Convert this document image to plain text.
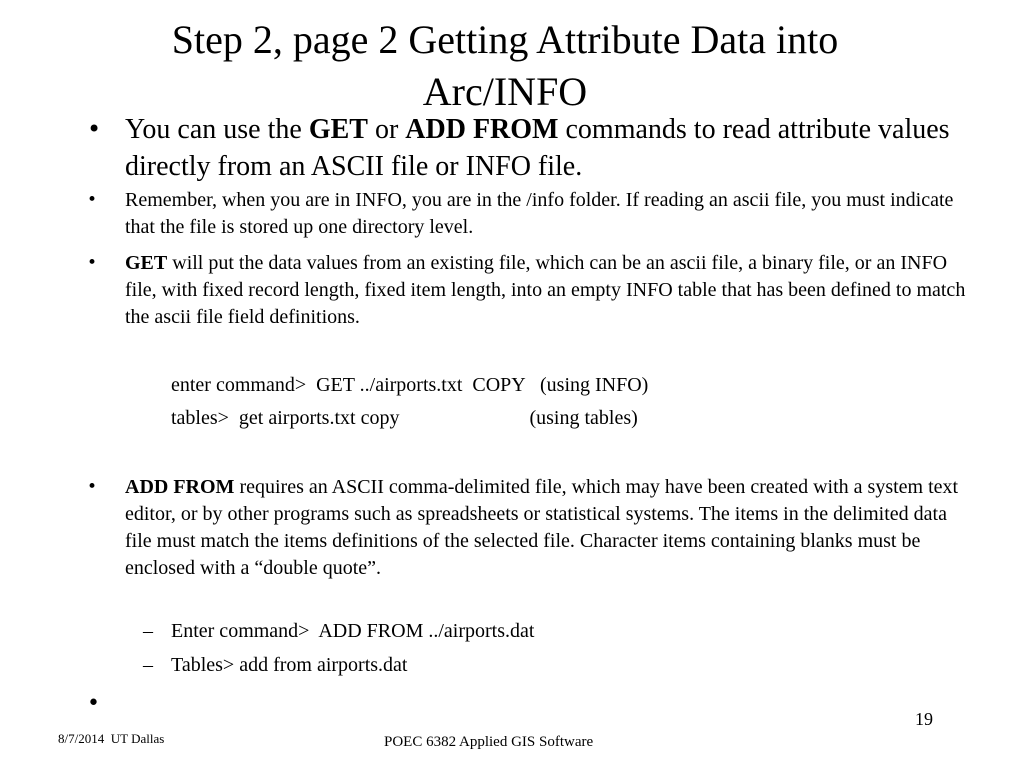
Step 2, page 2 Getting Attribute Data into Arc/INFO
• You can use the GET or ADD FROM commands to read attribute values directly from an ASCII file or INFO file.
•	Remember, when you are in INFO, you are in the /info folder. If reading an ascii file, you must indicate that the file is stored up one directory level.
•	GET will put the data values from an existing file, which can be an ascii file, a binary file, or an INFO file, with fixed record length, fixed item length, into an empty INFO table that has been defined to match the ascii file field definitions.

enter command>  GET ../airports.txt  COPY   (using INFO)

tables>  get airports.txt copy                          (using tables)

•	ADD FROM requires an ASCII comma-delimited file, which may have been created with a system text editor, or by other programs such as spreadsheets or statistical systems. The items in the delimited data file must match the items definitions of the selected file. Character items containing blanks must be enclosed with a “double quote”.
– Enter command>  ADD FROM ../airports.dat
– Tables> add from airports.dat
•
8/7/2014  UT Dallas	POEC 6382 Applied GIS Software
19
